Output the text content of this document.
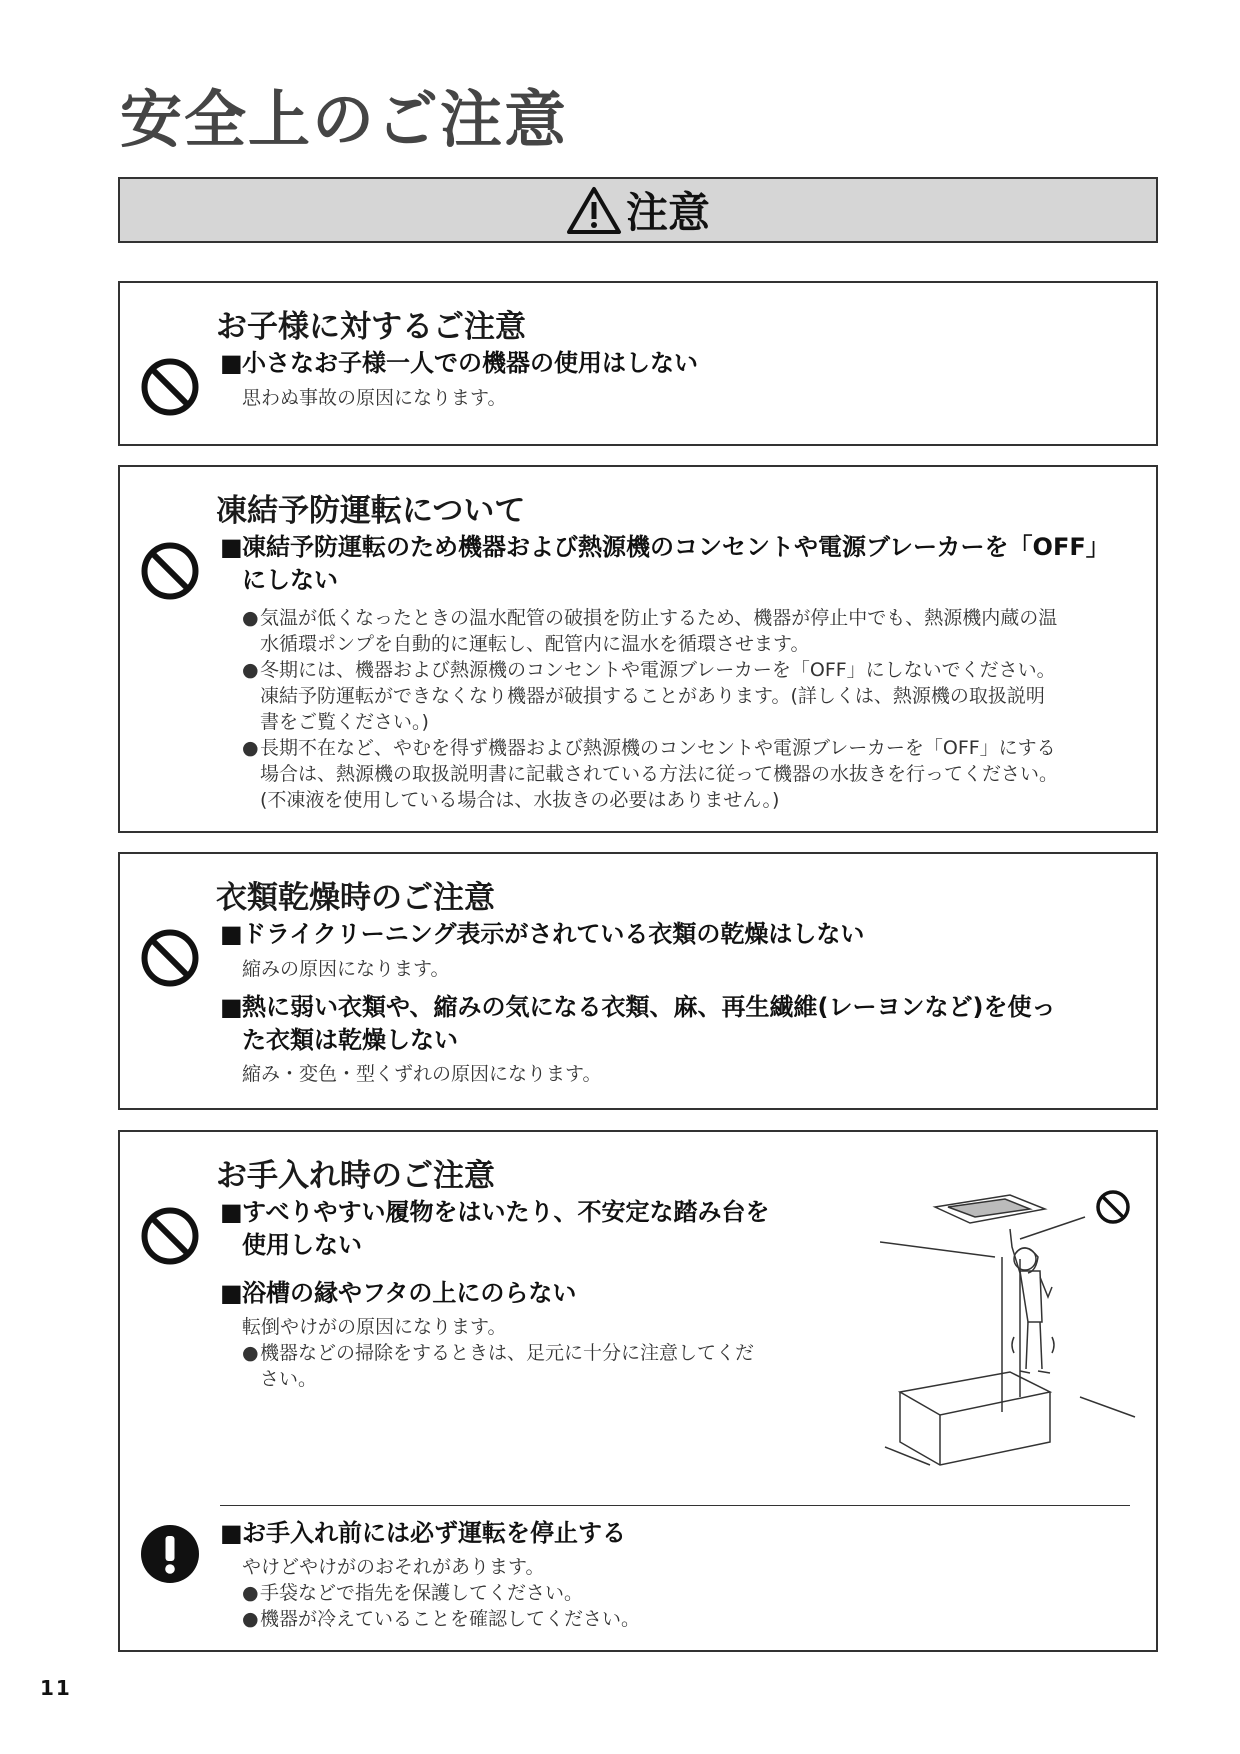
安全上のご注意
注意
お子様に対するご注意

■小さなお子様一人での機器の使用はしない

思わぬ事故の原因になります。
凍結予防運転について

■凍結予防運転のため機器および熱源機のコンセントや電源ブレーカーを「OFF」
にしない

● 気温が低くなったときの温水配管の破損を防止するため、機器が停止中でも、熱源機内蔵の温
水循環ポンプを自動的に運転し、配管内に温水を循環させます。
● 冬期には、機器および熱源機のコンセントや電源ブレーカーを「OFF」にしないでください。
凍結予防運転ができなくなり機器が破損することがあります。(詳しくは、熱源機の取扱説明
書をご覧ください。)
● 長期不在など、やむを得ず機器および熱源機のコンセントや電源ブレーカーを「OFF」にする
場合は、熱源機の取扱説明書に記載されている方法に従って機器の水抜きを行ってください。
(不凍液を使用している場合は、水抜きの必要はありません。)
衣類乾燥時のご注意

■ドライクリーニング表示がされている衣類の乾燥はしない

縮みの原因になります。

■熱に弱い衣類や、縮みの気になる衣類、麻、再生繊維(レーヨンなど)を使っ
た衣類は乾燥しない

縮み・変色・型くずれの原因になります。
お手入れ時のご注意

■すべりやすい履物をはいたり、不安定な踏み台を
使用しない

■浴槽の縁やフタの上にのらない

転倒やけがの原因になります。
● 機器などの掃除をするときは、足元に十分に注意してくだ
さい。

■お手入れ前には必ず運転を停止する

やけどやけがのおそれがあります。
● 手袋などで指先を保護してください。
● 機器が冷えていることを確認してください。
11
